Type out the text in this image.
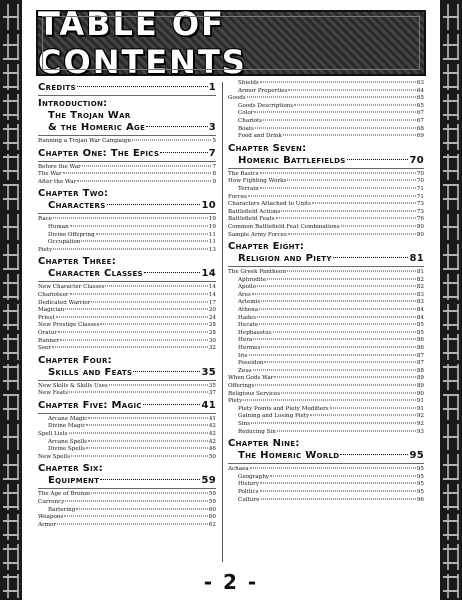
TABLE OF CONTENTS
Credits	1
Introduction:
The Trojan War
& the Homeric Age	3
Running a Trojan War Campaign	5
Chapter One: The Epics	7
Before the War	7
The War	8
After the War	9
Chapter Two:
Characters	10
Race	10
Human	10
Divine Offspring	11
Occupation	11
Piety	13
Chapter Three:
Character Classes	14
New Character Classes	14
Charioteer	14
Dedicated Warrior	17
Magician	20
Priest	24
New Prestige Classes	28
Orator	28
Runner	30
Seer	32
Chapter Four:
Skills and Feats	35
New Skills & Skills Uses	35
New Feats	37
Chapter Five: Magic	41
Arcane Magic	41
Divine Magic	42
Spell Lists	42
Arcane Spells	42
Divine Spells	46
New Spells	50
Chapter Six:
Equipment	59
The Age of Bronze	59
Currency	59
Bartering	60
Weapons	60
Armor	62
Shields	63
Armor Properties	64
Goods	65
Goods Descriptions	65
Color	67
Chariots	67
Boats	68
Food and Drink	69
Chapter Seven:
Homeric Battlefields	70
The Basics	70
How Fighting Works	70
Terrain	71
Forces	71
Characters Attached to Units	73
Battlefield Actions	73
Battlefield Feats	76
Common Battlefield Feat Combinations	80
Sample Army Forces	80
Chapter Eight:
Religion and Piety	81
The Greek Pantheon	81
Aphrodite	82
Apollo	82
Ares	83
Artemis	83
Athena	84
Hades	84
Hecate	85
Hephaestus	85
Hera	86
Hermes	86
Iris	87
Poseidon	87
Zeus	88
When Gods War	89
Offerings	89
Religious Services	90
Piety	91
Piety Points and Piety Modifiers	91
Gaining and Losing Piety	92
Sins	92
Reducing Sin	93
Chapter Nine:
The Homeric World	95
Achaea	95
Geography	95
History	95
Politics	95
Culture	96
- 2 -
